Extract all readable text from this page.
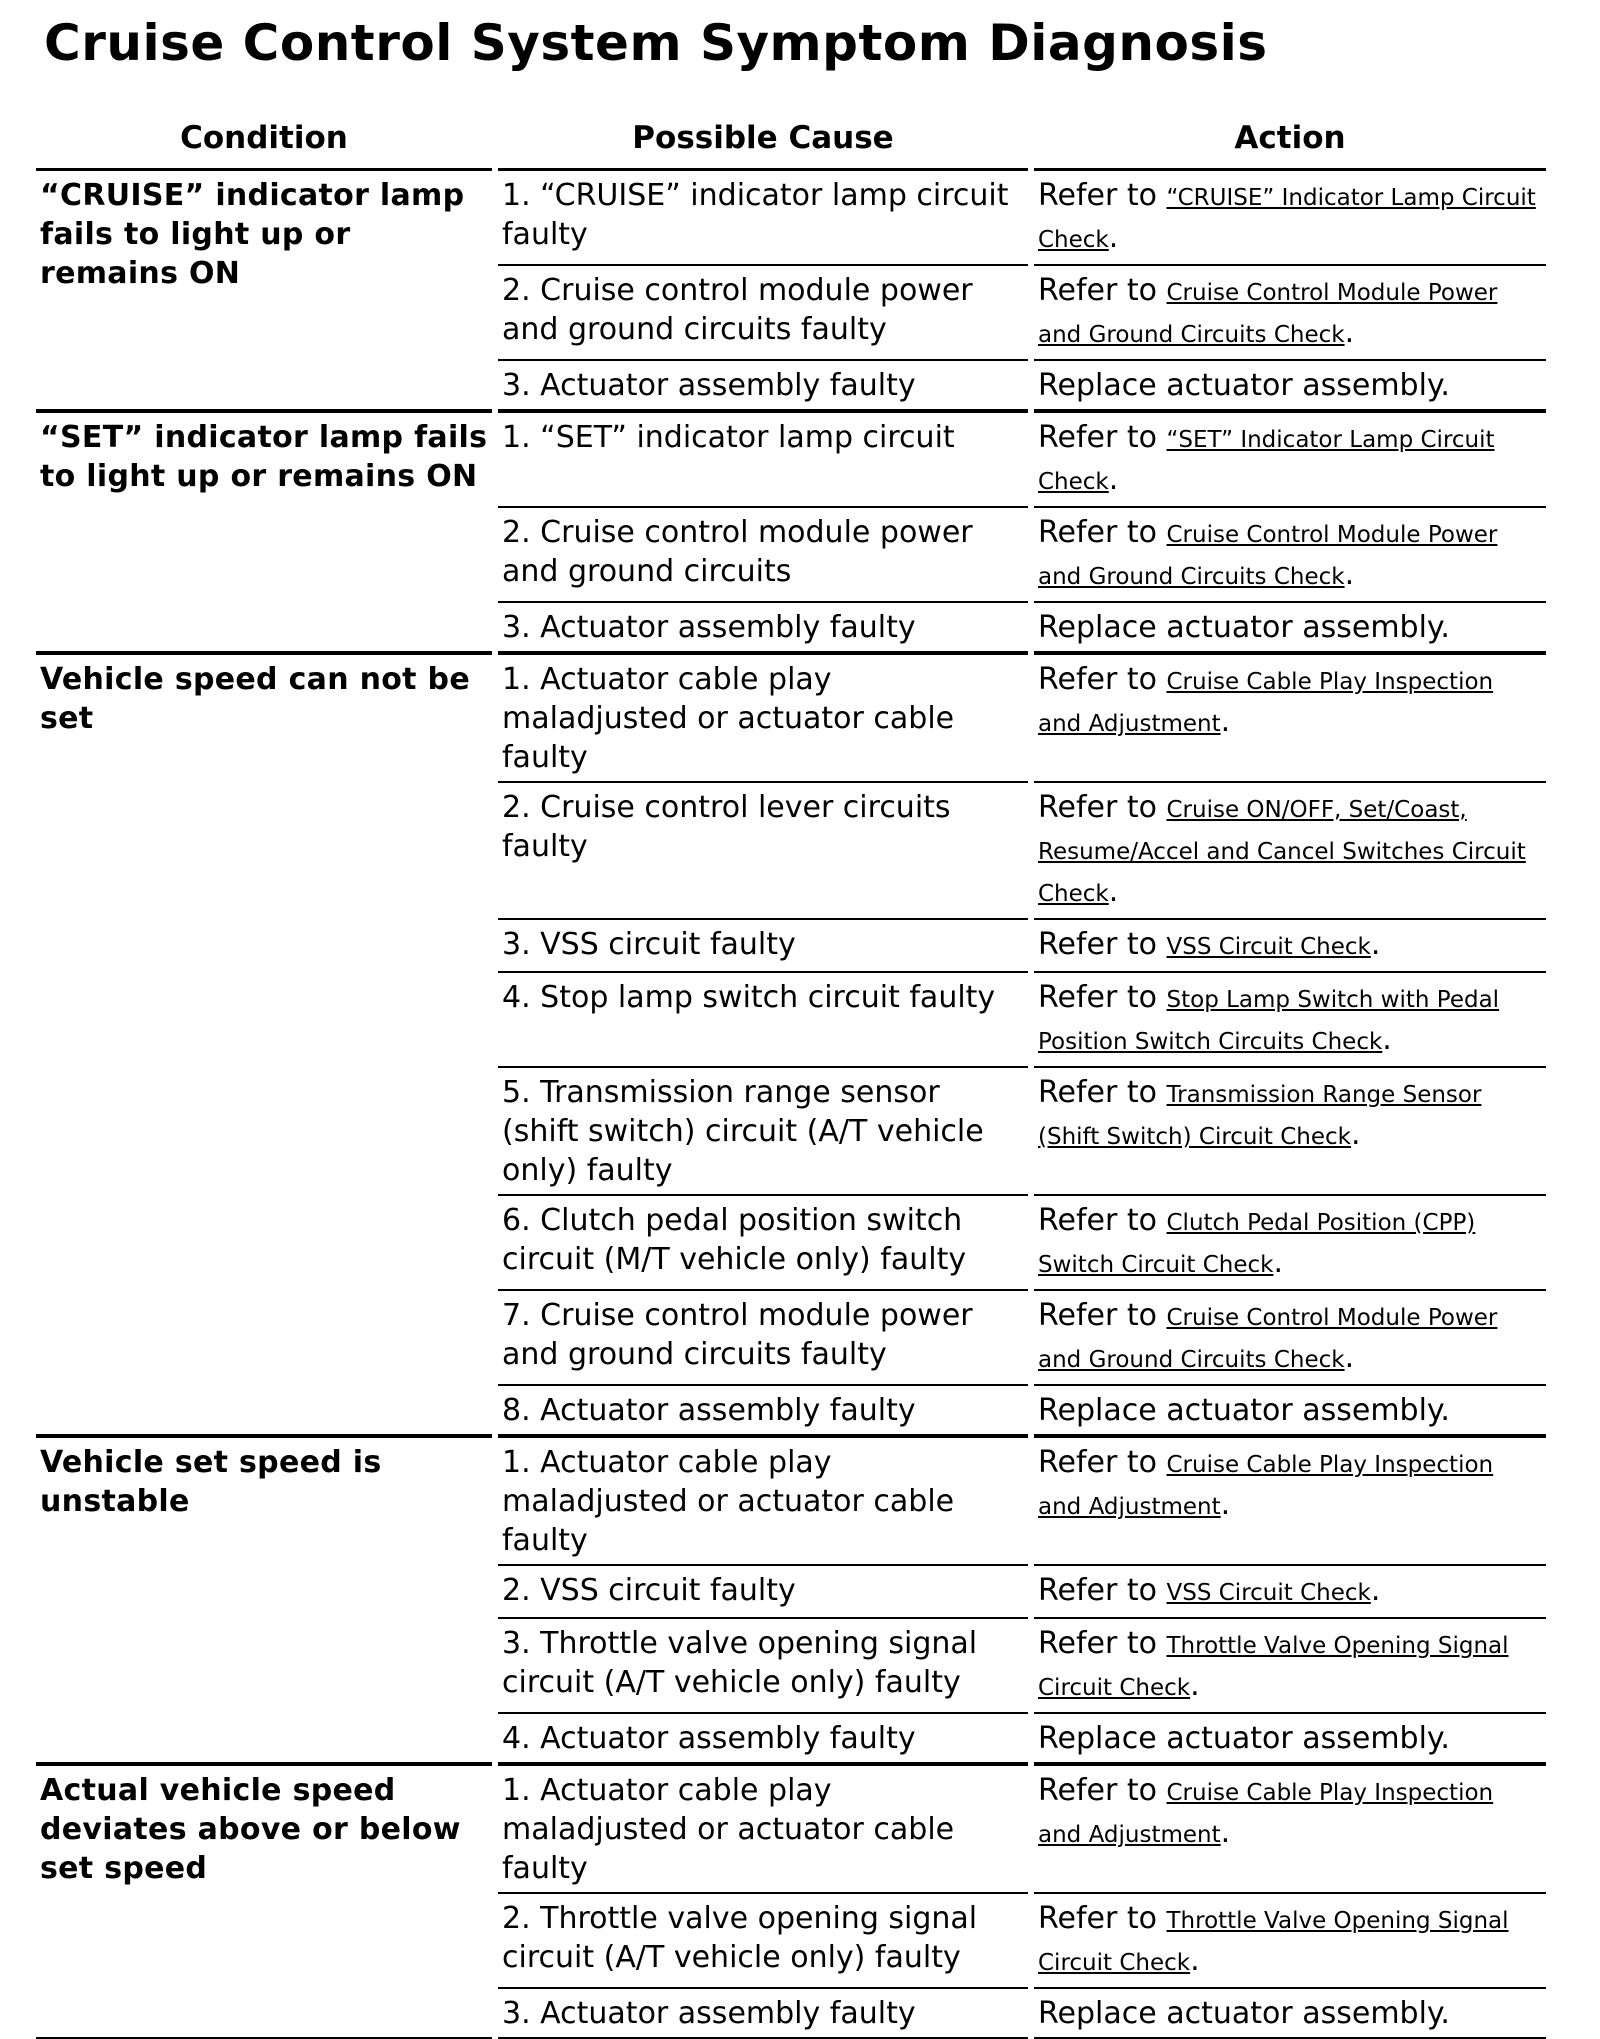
Cruise Control System Symptom Diagnosis
Condition	Possible Cause	Action
“CRUISE” indicator lamp fails to light up or remains ON	1. “CRUISE” indicator lamp circuit faulty	Refer to “CRUISE” Indicator Lamp Circuit Check.
	2. Cruise control module power and ground circuits faulty	Refer to Cruise Control Module Power and Ground Circuits Check.
	3. Actuator assembly faulty	Replace actuator assembly.
“SET” indicator lamp fails to light up or remains ON	1. “SET” indicator lamp circuit	Refer to “SET” Indicator Lamp Circuit Check.
	2. Cruise control module power and ground circuits	Refer to Cruise Control Module Power and Ground Circuits Check.
	3. Actuator assembly faulty	Replace actuator assembly.
Vehicle speed can not be set	1. Actuator cable play maladjusted or actuator cable faulty	Refer to Cruise Cable Play Inspection and Adjustment.
	2. Cruise control lever circuits faulty	Refer to Cruise ON/OFF, Set/Coast, Resume/Accel and Cancel Switches Circuit Check.
	3. VSS circuit faulty	Refer to VSS Circuit Check.
	4. Stop lamp switch circuit faulty	Refer to Stop Lamp Switch with Pedal Position Switch Circuits Check.
	5. Transmission range sensor (shift switch) circuit (A/T vehicle only) faulty	Refer to Transmission Range Sensor (Shift Switch) Circuit Check.
	6. Clutch pedal position switch circuit (M/T vehicle only) faulty	Refer to Clutch Pedal Position (CPP) Switch Circuit Check.
	7. Cruise control module power and ground circuits faulty	Refer to Cruise Control Module Power and Ground Circuits Check.
	8. Actuator assembly faulty	Replace actuator assembly.
Vehicle set speed is unstable	1. Actuator cable play maladjusted or actuator cable faulty	Refer to Cruise Cable Play Inspection and Adjustment.
	2. VSS circuit faulty	Refer to VSS Circuit Check.
	3. Throttle valve opening signal circuit (A/T vehicle only) faulty	Refer to Throttle Valve Opening Signal Circuit Check.
	4. Actuator assembly faulty	Replace actuator assembly.
Actual vehicle speed deviates above or below set speed	1. Actuator cable play maladjusted or actuator cable faulty	Refer to Cruise Cable Play Inspection and Adjustment.
	2. Throttle valve opening signal circuit (A/T vehicle only) faulty	Refer to Throttle Valve Opening Signal Circuit Check.
	3. Actuator assembly faulty	Replace actuator assembly.
